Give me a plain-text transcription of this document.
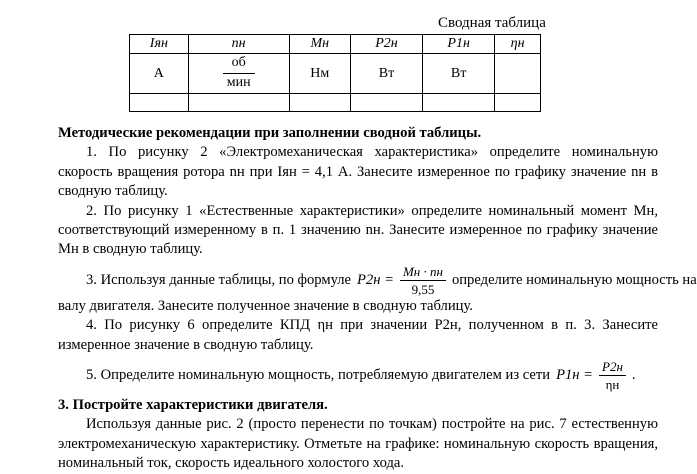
Сводная таблица
Iян	nн	Mн	P2н	P1н	ηн
А	$\frac{об}{\text{мин}}$	Нм	Вт	Вт	

Методические рекомендации при заполнении сводной таблицы.

1. По рисунку 2 «Электромеханическая характеристика» определите номинальную скорость вращения ротора nн при Iян = 4,1 А. Занесите измеренное по графику значение nн в сводную таблицу.

2. По рисунку 1 «Естественные характеристики» определите номинальный момент Mн, соответствующий измеренному в п. 1 значению nн. Занесите измеренное по графику значение Mн в сводную таблицу.

3. Используя данные таблицы, по формуле $P2н = \frac{Mн \cdot nн}{9,55}$ определите номинальную мощность на

валу двигателя. Занесите полученное значение в сводную таблицу.

4. По рисунку 6 определите КПД ηн при значении P2н, полученном в п. 3. Занесите измеренное значение в сводную таблицу.

5. Определите номинальную мощность, потребляемую двигателем из сети $P1н = \frac{P2н}{\eta н}$ .

3. Постройте характеристики двигателя.

Используя данные рис. 2 (просто перенести по точкам) постройте на рис. 7 естественную электромеханическую характеристику. Отметьте на графике: номинальную скорость вращения, номинальный ток, скорость идеального холостого хода.
